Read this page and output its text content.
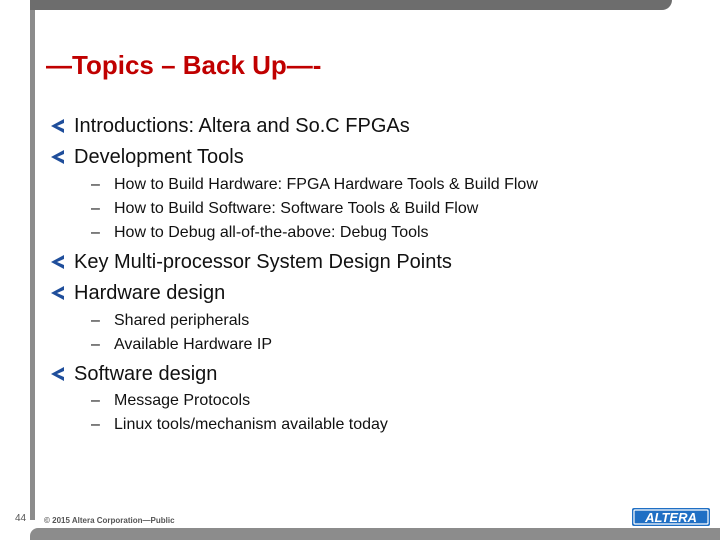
—Topics – Back Up—-
Introductions: Altera and So.C FPGAs
Development Tools
– How to Build Hardware: FPGA Hardware Tools & Build Flow
– How to Build Software: Software Tools & Build Flow
– How to Debug all-of-the-above: Debug Tools
Key Multi-processor System Design Points
Hardware design
– Shared peripherals
– Available Hardware IP
Software design
– Message Protocols
– Linux tools/mechanism available today
44 © 2015 Altera Corporation—Public	ALTERA
